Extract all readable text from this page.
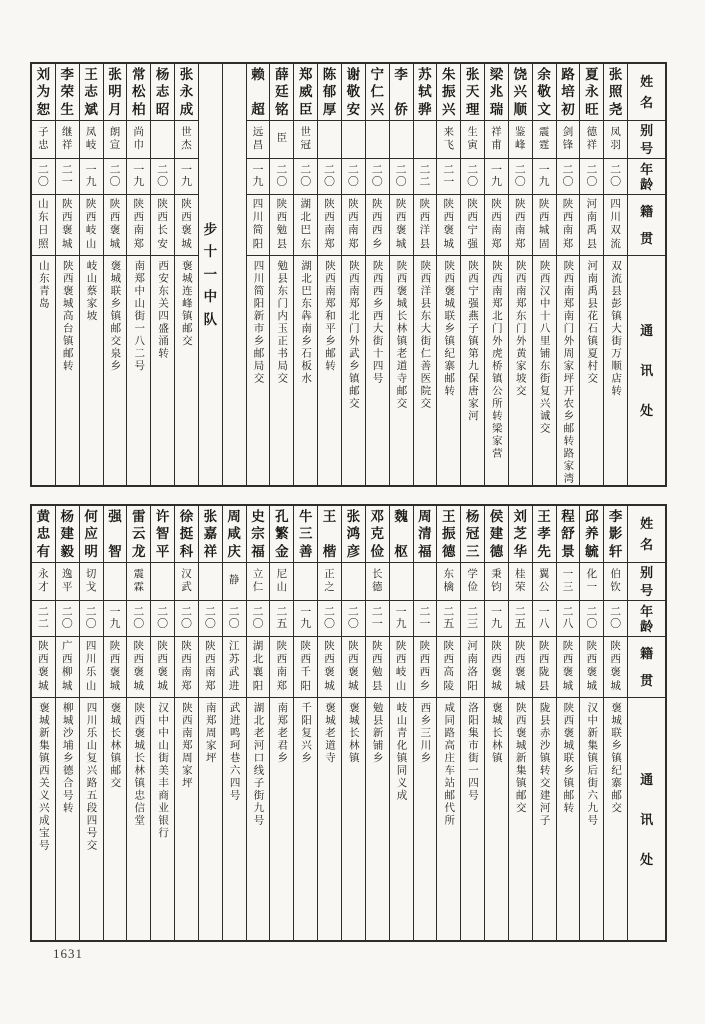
刘
为
恕
子
忠
二
〇
山
东
日
照
山东青岛
李
荣
生
继
祥
二
一
陕
西
褒
城
陕西褒城高台镇邮转
王
志
斌
凤
岐
一
九
陕
西
岐
山
岐山蔡家坡
张
明
月
朗
宣
二
〇
陕
西
褒
城
褒城联乡镇邮交泉乡
常
松
柏
尚
巾
一
九
陕
西
南
郑
南郑中山街一八二号
杨
志
昭
二
〇
陕
西
长
安
西安东关四盛涌转
张
永
成
世
杰
一
九
陕
西
褒
城
褒城连峰镇邮交
步
十
一
中
队
赖
超
远
昌
一
九
四
川
简
阳
四川简阳新市乡邮局交
薛
廷
铭
臣
二
〇
陕
西
勉
县
勉县东门内玉正书局交
郑
威
臣
世
冠
二
〇
湖
北
巴
东
湖北巴东犇南乡石板水
陈
郁
厚
二
〇
陕
西
南
郑
陕西南郑和平乡邮转
谢
敬
安
二
〇
陕
西
南
郑
陕西南郑北门外武乡镇邮交
宁
仁
兴
二
〇
陕
西
西
乡
陕西西乡西大街十四号
李
侨
二
〇
陕
西
褒
城
陕西褒城长林镇老道寺邮交
苏
轼
骅
二
二
陕
西
洋
县
陕西洋县东大街仁善医院交
朱
振
兴
来
飞
二
一
陕
西
褒
城
陕西褒城联乡镇纪寨邮转
张
天
理
生
寅
二
〇
陕
西
宁
强
陕西宁强燕子镇第九保唐家河
梁
兆
瑞
祥
甫
一
九
陕
西
南
郑
陕西南郑北门外虎桥镇公所转梁家营
饶
兴
顺
鉴
峰
二
〇
陕
西
南
郑
陕西南郑东门外黄家坡交
余
敬
文
震
霆
一
九
陕
西
城
固
陕西汉中十八里铺东街复兴诚交
路
培
初
剑
锋
二
〇
陕
西
南
郑
陕西南郑南门外周家坪开农乡邮转路家湾
夏
永
旺
德
祥
二
〇
河
南
禹
县
河南禹县花石镇夏村交
张
照
尧
凤
羽
二
〇
四
川
双
流
双流县彭镇大街万顺店转
姓
名
别
号
年
龄
籍
贯
通
讯
处
黄
忠
有
永
才
二
二
陕
西
褒
城
褒城新集镇西关义兴成宝号
杨
建
毅
逸
平
二
〇
广
西
柳
城
柳城沙埔乡德合号转
何
应
明
切
戈
二
〇
四
川
乐
山
四川乐山复兴路五段四号交
强
智
一
九
陕
西
褒
城
褒城长林镇邮交
雷
云
龙
震
霖
二
〇
陕
西
褒
城
陕西褒城长林镇忠信堂
许
智
平
二
〇
陕
西
褒
城
汉中中山街美丰商业银行
徐
挺
科
汉
武
二
〇
陕
西
南
郑
陕西南郑周家坪
张
嘉
祥
二
〇
陕
西
南
郑
南郑周家坪
周
咸
庆
静
二
〇
江
苏
武
进
武进鸣珂巷六四号
史
宗
福
立
仁
二
〇
湖
北
襄
阳
湖北老河口线子街九号
孔
繁
金
尼
山
二
五
陕
西
南
郑
南郑老君乡
牛
三
善
一
九
陕
西
千
阳
千阳复兴乡
王
楷
正
之
二
〇
陕
西
褒
城
褒城老道寺
张
鸿
彦
二
〇
陕
西
褒
城
褒城长林镇
邓
克
俭
长
德
二
一
陕
西
勉
县
勉县新铺乡
魏
枢
一
九
陕
西
岐
山
岐山青化镇同义成
周
清
福
二
一
陕
西
西
乡
西乡三川乡
王
振
德
东
檎
二
五
陕
西
高
陵
咸同路高庄车站邮代所
杨
冠
三
学
俭
二
三
河
南
洛
阳
洛阳集市街一四号
侯
建
德
秉
钧
一
九
陕
西
褒
城
褒城长林镇
刘
芝
华
桂
荣
二
五
陕
西
褒
城
陕西褒城新集镇邮交
王
孝
先
翼
公
一
八
陕
西
陇
县
陇县赤沙镇转交建河子
程
舒
景
一
三
二
八
陕
西
褒
城
陕西褒城联乡镇邮转
邱
养
毓
化
一
二
〇
陕
西
褒
城
汉中新集镇后街六九号
李
影
轩
伯
钦
二
〇
陕
西
褒
城
褒城联乡镇纪寨邮交
姓
名
别
号
年
龄
籍
贯
通
讯
处
1631
